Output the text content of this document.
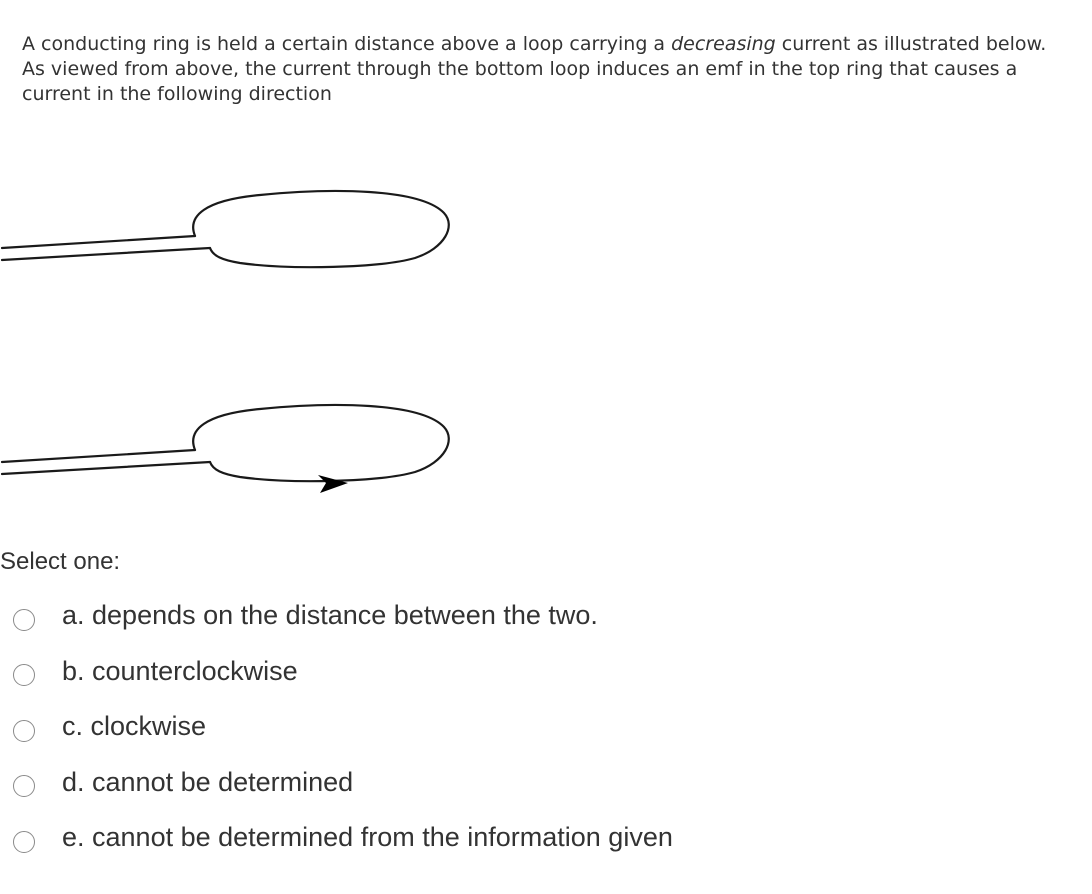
A conducting ring is held a certain distance above a loop carrying a decreasing current as illustrated below. As viewed from above, the current through the bottom loop induces an emf in the top ring that causes a current in the following direction
Select one:
a. depends on the distance between the two.
b. counterclockwise
c. clockwise
d. cannot be determined
e. cannot be determined from the information given
